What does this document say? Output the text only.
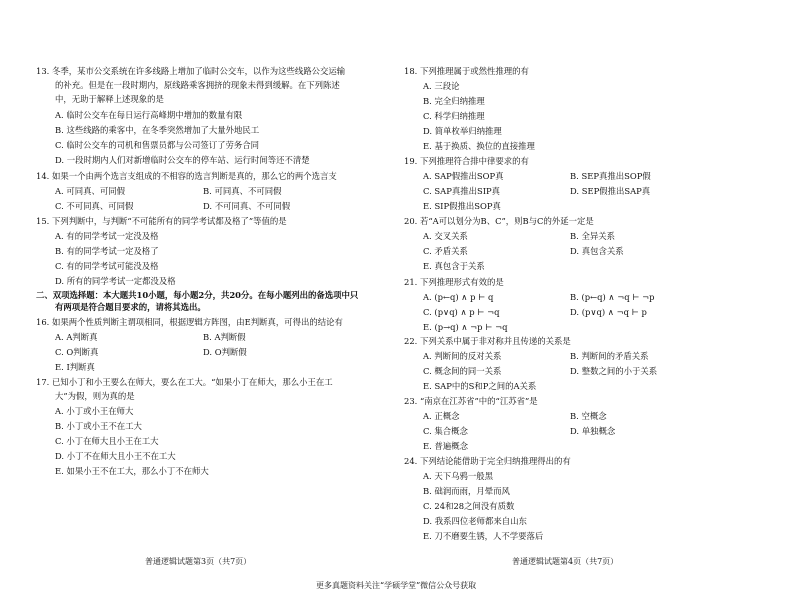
13. 冬季，某市公交系统在许多线路上增加了临时公交车，以作为这些线路公交运输
的补充。但是在一段时期内，原线路乘客拥挤的现象未得到缓解。在下列陈述
中，无助于解释上述现象的是
A. 临时公交车在每日运行高峰期中增加的数量有限
B. 这些线路的乘客中，在冬季突然增加了大量外地民工
C. 临时公交车的司机和售票员都与公司签订了劳务合同
D. 一段时期内人们对新增临时公交车的停车站、运行时间等还不清楚
14. 如果一个由两个选言支组成的不相容的选言判断是真的，那么它的两个选言支
A. 可同真、可同假	B. 可同真、不可同假
C. 不可同真、可同假	D. 不可同真、不可同假
15. 下列判断中，与判断“不可能所有的同学考试都及格了”等值的是
A. 有的同学考试一定没及格
B. 有的同学考试一定及格了
C. 有的同学考试可能没及格
D. 所有的同学考试一定都没及格
二、双项选择题：本大题共10小题，每小题2分，共20分。在每小题列出的备选项中只
有两项是符合题目要求的，请将其选出。
16. 如果两个性质判断主谓项相同，根据逻辑方阵图，由E判断真，可得出的结论有
A. A判断真	B. A判断假
C. O判断真	D. O判断假
E. I判断真
17. 已知小丁和小王要么在师大，要么在工大。“如果小丁在师大，那么小王在工
大”为假，则为真的是
A. 小丁或小王在师大
B. 小丁或小王不在工大
C. 小丁在师大且小王在工大
D. 小丁不在师大且小王不在工大
E. 如果小王不在工大，那么小丁不在师大
普通逻辑试题第3页（共7页）
18. 下列推理属于或然性推理的有
A. 三段论
B. 完全归纳推理
C. 科学归纳推理
D. 简单枚举归纳推理
E. 基于换质、换位的直接推理
19. 下列推理符合排中律要求的有
A. SAP假推出SOP真	B. SEP真推出SOP假
C. SAP真推出SIP真	D. SEP假推出SAP真
E. SIP假推出SOP真
20. 若“A可以划分为B、C”，则B与C的外延一定是
A. 交叉关系	B. 全异关系
C. 矛盾关系	D. 真包含关系
E. 真包含于关系
21. 下列推理形式有效的是
A. (p←q) ∧ p ⊢ q	B. (p←q) ∧ ¬q ⊢ ¬p
C. (p∨q) ∧ p ⊢ ¬q	D. (p∨q) ∧ ¬q ⊢ p
E. (p→q) ∧ ¬p ⊢ ¬q
22. 下列关系中属于非对称并且传递的关系是
A. 判断间的反对关系	B. 判断间的矛盾关系
C. 概念间的同一关系	D. 整数之间的小于关系
E. SAP中的S和P之间的A关系
23. “南京在江苏省”中的“江苏省”是
A. 正概念	B. 空概念
C. 集合概念	D. 单独概念
E. 普遍概念
24. 下列结论能借助于完全归纳推理得出的有
A. 天下乌鸦一般黑
B. 础润而雨，月晕而风
C. 24和28之间没有质数
D. 我系四位老师都来自山东
E. 刀不磨要生锈，人不学要落后
普通逻辑试题第4页（共7页）
更多真题资料关注“学硕学堂”微信公众号获取
